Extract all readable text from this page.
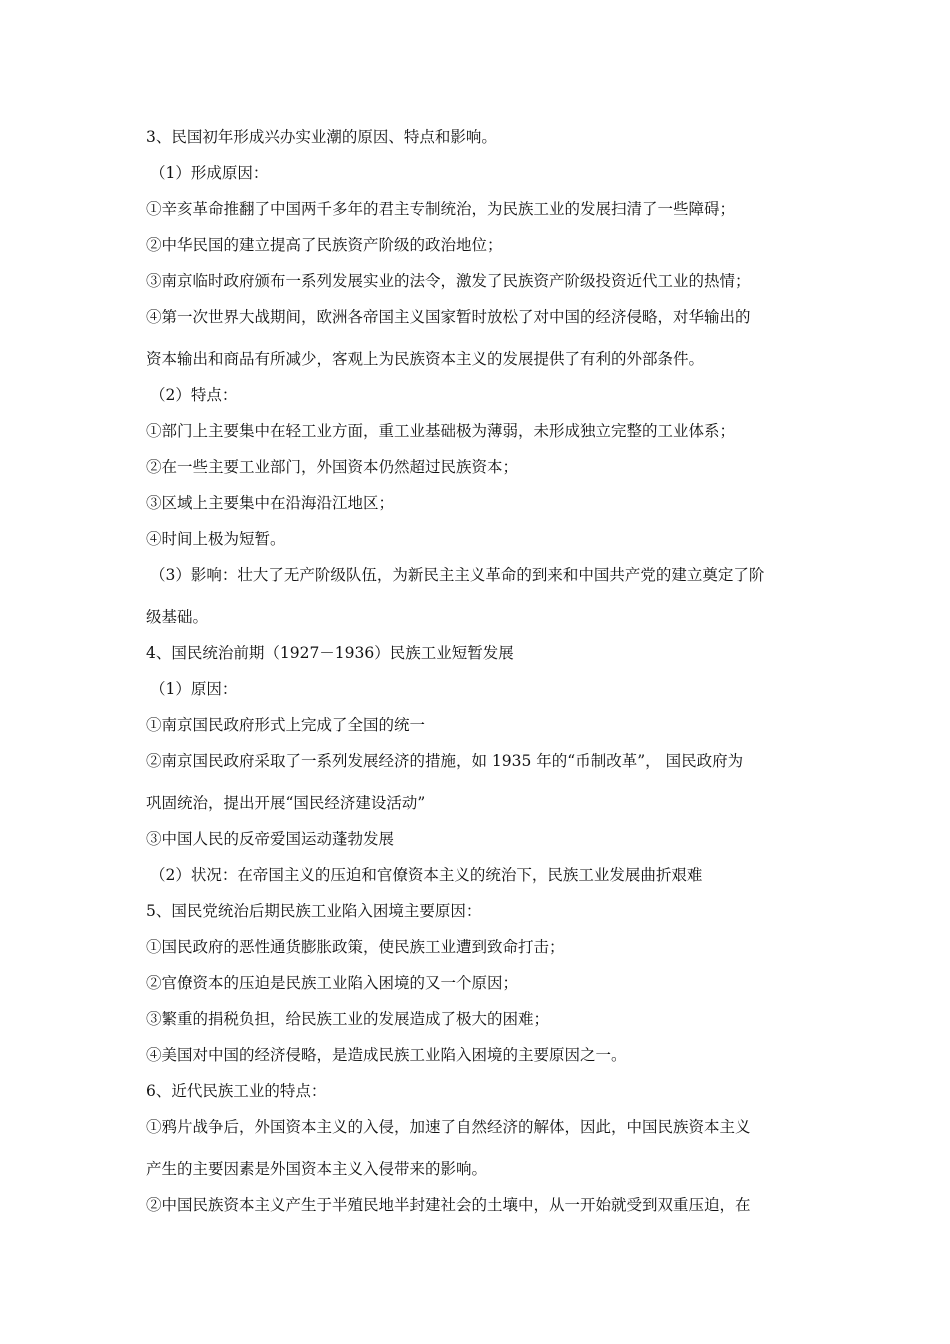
3、民国初年形成兴办实业潮的原因、特点和影响。
（1）形成原因：
①辛亥革命推翻了中国两千多年的君主专制统治，为民族工业的发展扫清了一些障碍；
②中华民国的建立提高了民族资产阶级的政治地位；
③南京临时政府颁布一系列发展实业的法令，激发了民族资产阶级投资近代工业的热情；
④第一次世界大战期间，欧洲各帝国主义国家暂时放松了对中国的经济侵略，对华输出的
资本输出和商品有所减少，客观上为民族资本主义的发展提供了有利的外部条件。
（2）特点：
①部门上主要集中在轻工业方面，重工业基础极为薄弱，未形成独立完整的工业体系；
②在一些主要工业部门，外国资本仍然超过民族资本；
③区域上主要集中在沿海沿江地区；
④时间上极为短暂。
（3）影响：壮大了无产阶级队伍，为新民主主义革命的到来和中国共产党的建立奠定了阶
级基础。
4、国民统治前期（1927－1936）民族工业短暂发展
（1）原因：
①南京国民政府形式上完成了全国的统一
②南京国民政府采取了一系列发展经济的措施，如 1935 年的“币制改革”， 国民政府为
巩固统治，提出开展“国民经济建设活动”
③中国人民的反帝爱国运动蓬勃发展
（2）状况：在帝国主义的压迫和官僚资本主义的统治下，民族工业发展曲折艰难
5、国民党统治后期民族工业陷入困境主要原因：
①国民政府的恶性通货膨胀政策，使民族工业遭到致命打击；
②官僚资本的压迫是民族工业陷入困境的又一个原因；
③繁重的捐税负担，给民族工业的发展造成了极大的困难；
④美国对中国的经济侵略，是造成民族工业陷入困境的主要原因之一。
6、近代民族工业的特点：
①鸦片战争后，外国资本主义的入侵，加速了自然经济的解体，因此，中国民族资本主义
产生的主要因素是外国资本主义入侵带来的影响。
②中国民族资本主义产生于半殖民地半封建社会的土壤中，从一开始就受到双重压迫，在
